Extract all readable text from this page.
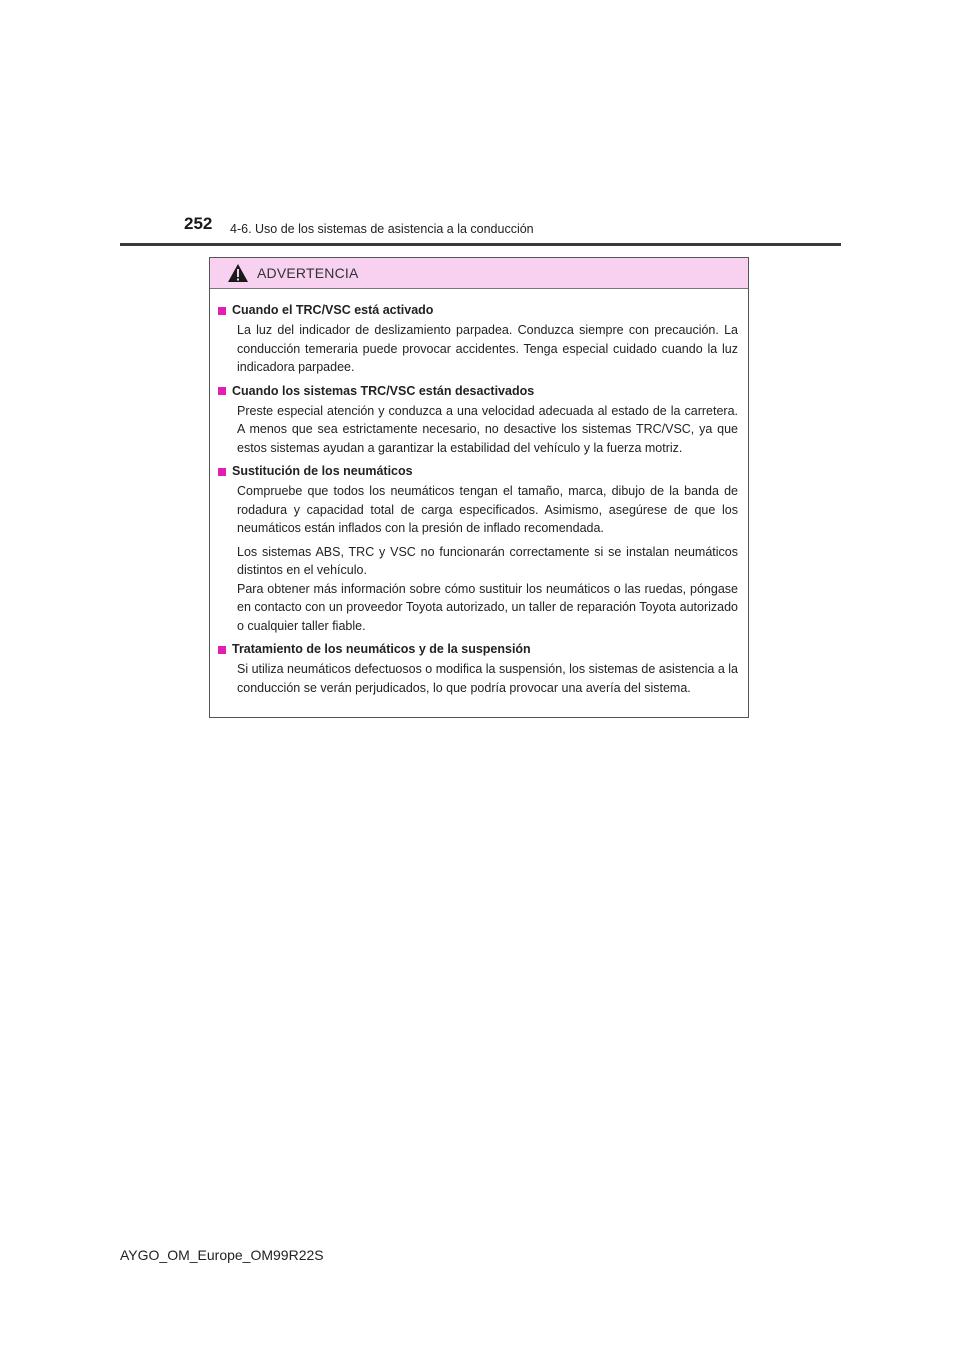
252 4-6. Uso de los sistemas de asistencia a la conducción
ADVERTENCIA
Cuando el TRC/VSC está activado
La luz del indicador de deslizamiento parpadea. Conduzca siempre con precaución. La conducción temeraria puede provocar accidentes. Tenga especial cuidado cuando la luz indicadora parpadee.
Cuando los sistemas TRC/VSC están desactivados
Preste especial atención y conduzca a una velocidad adecuada al estado de la carretera. A menos que sea estrictamente necesario, no desactive los sistemas TRC/VSC, ya que estos sistemas ayudan a garantizar la estabilidad del vehículo y la fuerza motriz.
Sustitución de los neumáticos
Compruebe que todos los neumáticos tengan el tamaño, marca, dibujo de la banda de rodadura y capacidad total de carga especificados. Asimismo, asegúrese de que los neumáticos están inflados con la presión de inflado recomendada.
Los sistemas ABS, TRC y VSC no funcionarán correctamente si se instalan neumáticos distintos en el vehículo.
Para obtener más información sobre cómo sustituir los neumáticos o las ruedas, póngase en contacto con un proveedor Toyota autorizado, un taller de reparación Toyota autorizado o cualquier taller fiable.
Tratamiento de los neumáticos y de la suspensión
Si utiliza neumáticos defectuosos o modifica la suspensión, los sistemas de asistencia a la conducción se verán perjudicados, lo que podría provocar una avería del sistema.
AYGO_OM_Europe_OM99R22S
